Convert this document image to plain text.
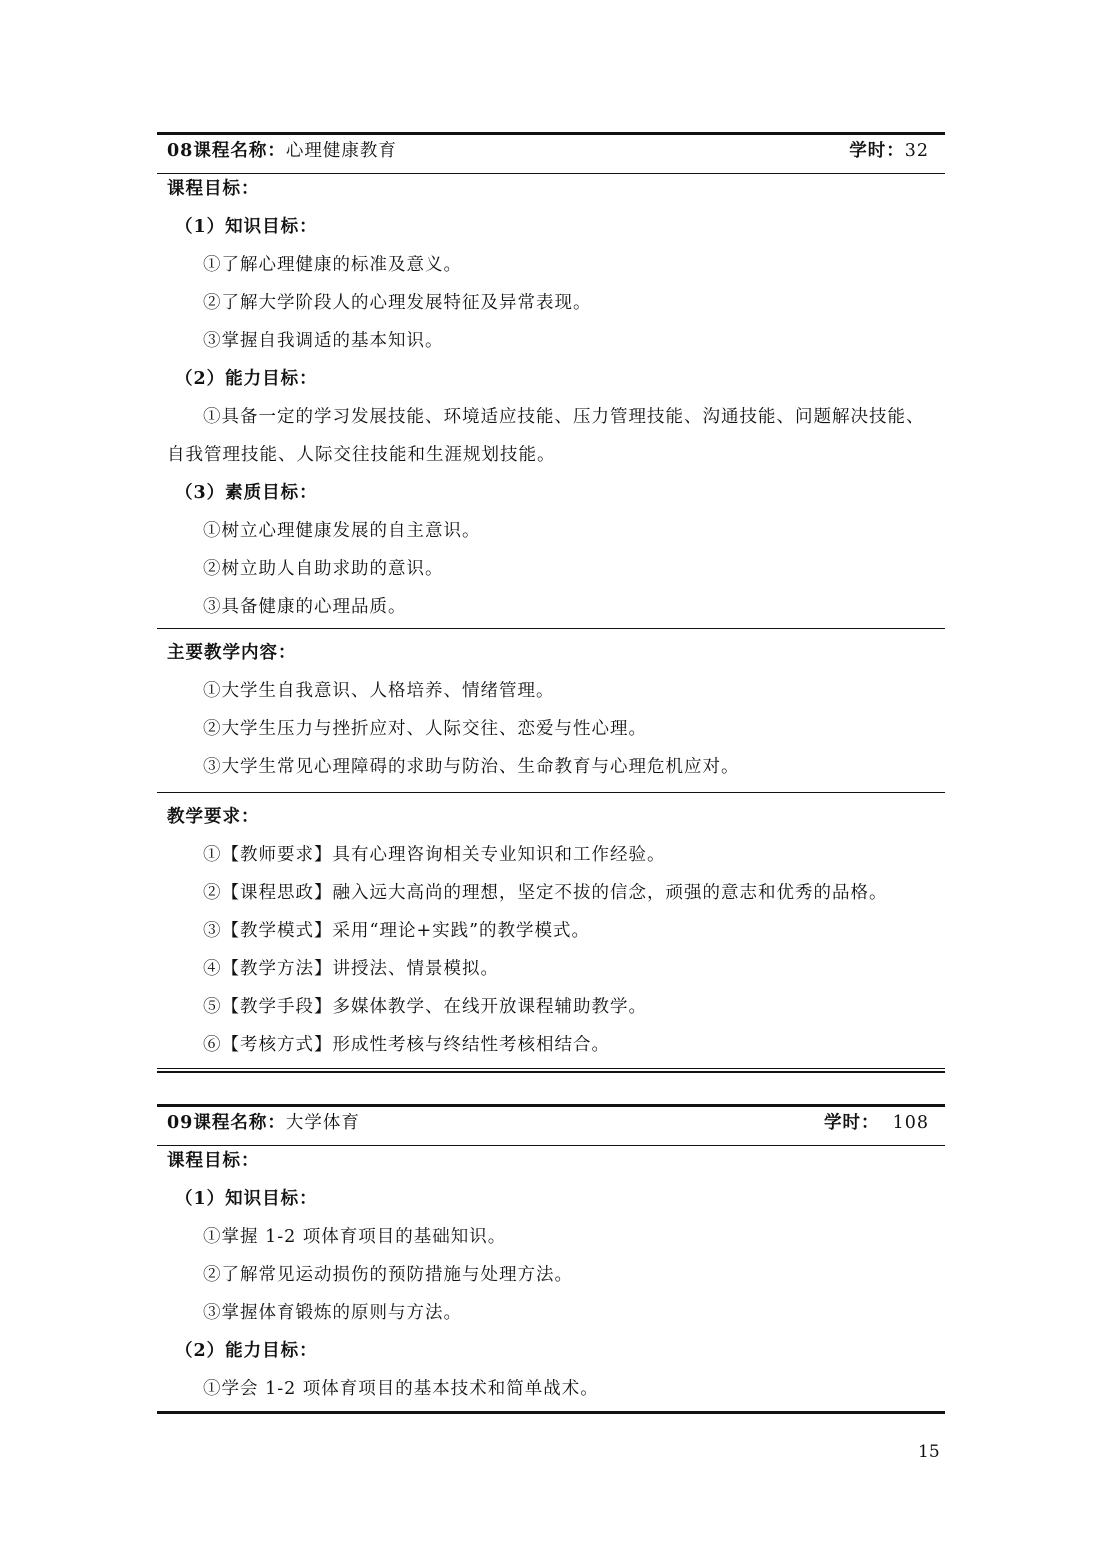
08课程名称：心理健康教育	学时：32
课程目标：
（1）知识目标：
①了解心理健康的标准及意义。
②了解大学阶段人的心理发展特征及异常表现。
③掌握自我调适的基本知识。
（2）能力目标：
①具备一定的学习发展技能、环境适应技能、压力管理技能、沟通技能、问题解决技能、
自我管理技能、人际交往技能和生涯规划技能。
（3）素质目标：
①树立心理健康发展的自主意识。
②树立助人自助求助的意识。
③具备健康的心理品质。
主要教学内容：
①大学生自我意识、人格培养、情绪管理。
②大学生压力与挫折应对、人际交往、恋爱与性心理。
③大学生常见心理障碍的求助与防治、生命教育与心理危机应对。
教学要求：
①【教师要求】具有心理咨询相关专业知识和工作经验。
②【课程思政】融入远大高尚的理想，坚定不拔的信念，顽强的意志和优秀的品格。
③【教学模式】采用“理论+实践”的教学模式。
④【教学方法】讲授法、情景模拟。
⑤【教学手段】多媒体教学、在线开放课程辅助教学。
⑥【考核方式】形成性考核与终结性考核相结合。
09课程名称：大学体育	学时： 108
课程目标：
（1）知识目标：
①掌握 1-2 项体育项目的基础知识。
②了解常见运动损伤的预防措施与处理方法。
③掌握体育锻炼的原则与方法。
（2）能力目标：
①学会 1-2 项体育项目的基本技术和简单战术。
15
